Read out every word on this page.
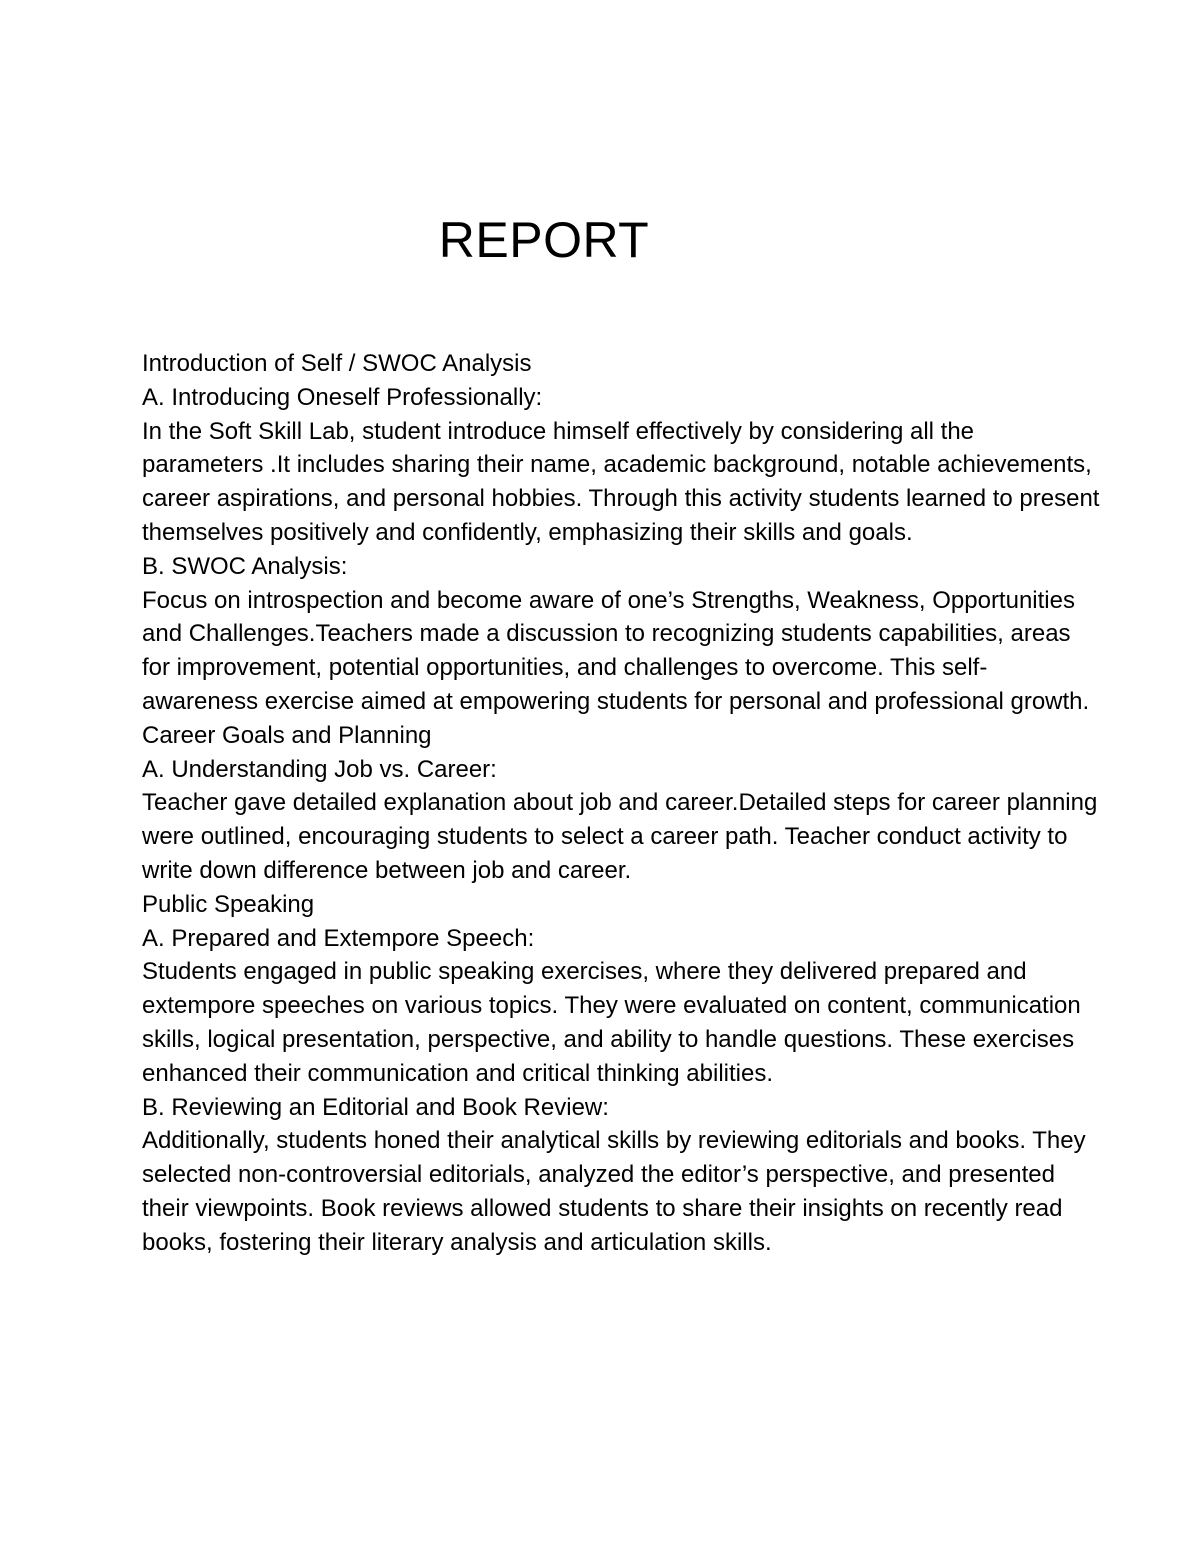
REPORT

Introduction of Self / SWOC Analysis

A. Introducing Oneself Professionally:

In the Soft Skill Lab, student introduce himself effectively by considering all the parameters .It includes sharing their name, academic background, notable achievements, career aspirations, and personal hobbies. Through this activity students learned to present themselves positively and confidently, emphasizing their skills and goals.

B. SWOC Analysis:

Focus on introspection and become aware of one’s Strengths, Weakness, Opportunities and Challenges.Teachers made a discussion to recognizing students capabilities, areas for improvement, potential opportunities, and challenges to overcome. This self-awareness exercise aimed at empowering students for personal and professional growth.

Career Goals and Planning

A. Understanding Job vs. Career:

Teacher gave detailed explanation about job and career.Detailed steps for career planning were outlined, encouraging students to select a career path. Teacher conduct activity to write down difference between job and career.

Public Speaking

A. Prepared and Extempore Speech:

Students engaged in public speaking exercises, where they delivered prepared and extempore speeches on various topics. They were evaluated on content, communication skills, logical presentation, perspective, and ability to handle questions. These exercises enhanced their communication and critical thinking abilities.

B. Reviewing an Editorial and Book Review:

Additionally, students honed their analytical skills by reviewing editorials and books. They selected non-controversial editorials, analyzed the editor’s perspective, and presented their viewpoints. Book reviews allowed students to share their insights on recently read books, fostering their literary analysis and articulation skills.
